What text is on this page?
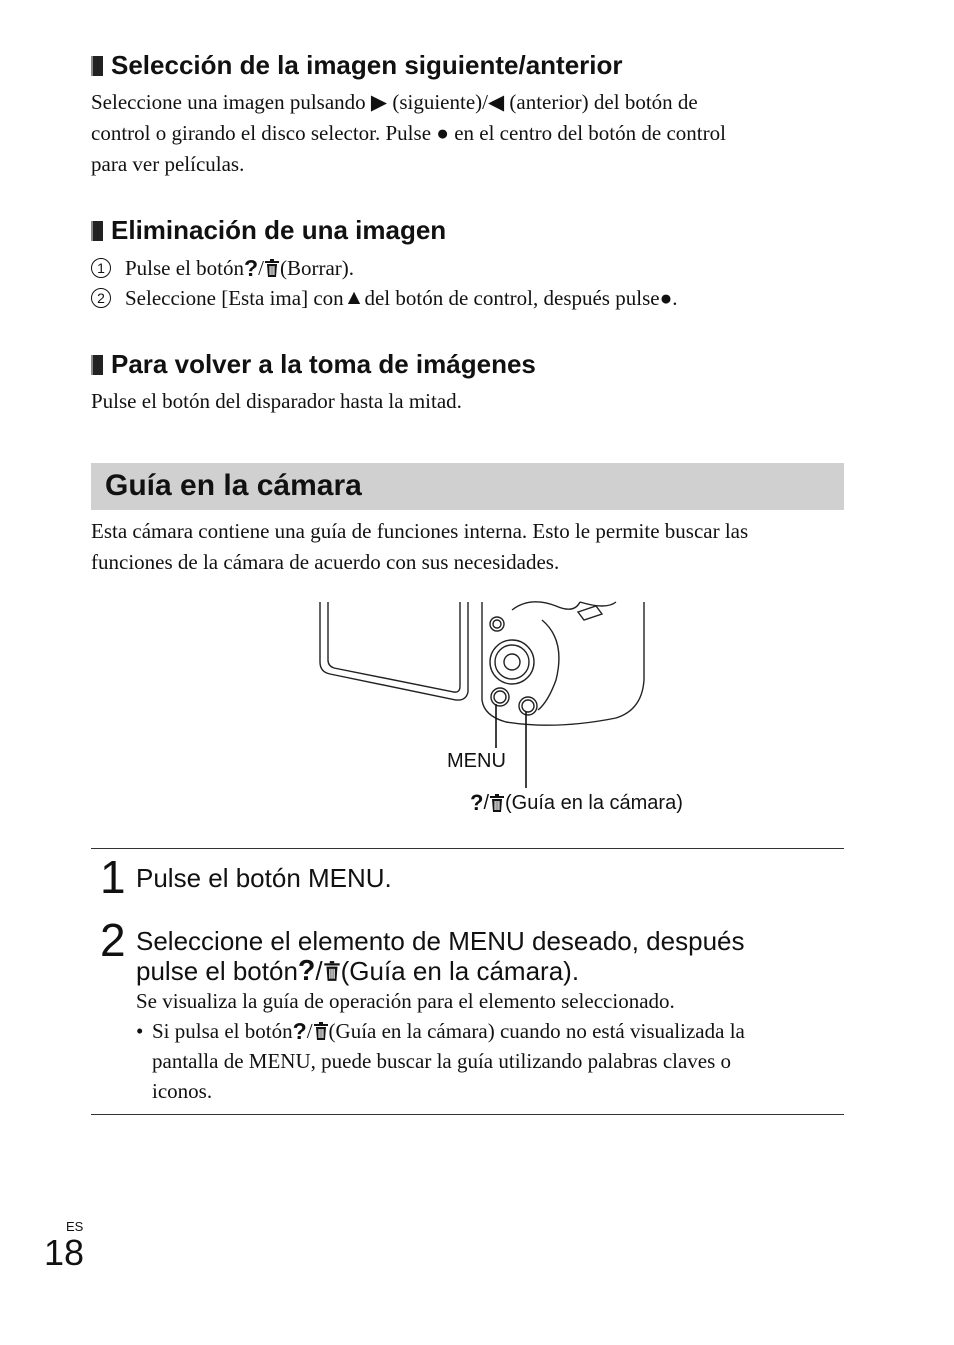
Selección de la imagen siguiente/anterior
Seleccione una imagen pulsando ▶ (siguiente)/◀ (anterior) del botón de
control o girando el disco selector. Pulse ● en el centro del botón de control
para ver películas.
Eliminación de una imagen
1 Pulse el botón ? / (Borrar).
2 Seleccione [Esta ima] con ▲ del botón de control, después pulse ● .
Para volver a la toma de imágenes
Pulse el botón del disparador hasta la mitad.
Guía en la cámara
Esta cámara contiene una guía de funciones interna. Esto le permite buscar las
funciones de la cámara de acuerdo con sus necesidades.
MENU
? / (Guía en la cámara)
1 Pulse el botón MENU.
2 Seleccione el elemento de MENU deseado, después
pulse el botón ? / (Guía en la cámara).
Se visualiza la guía de operación para el elemento seleccionado.
• Si pulsa el botón ? / (Guía en la cámara) cuando no está visualizada la
pantalla de MENU, puede buscar la guía utilizando palabras claves o
iconos.
ES
18
